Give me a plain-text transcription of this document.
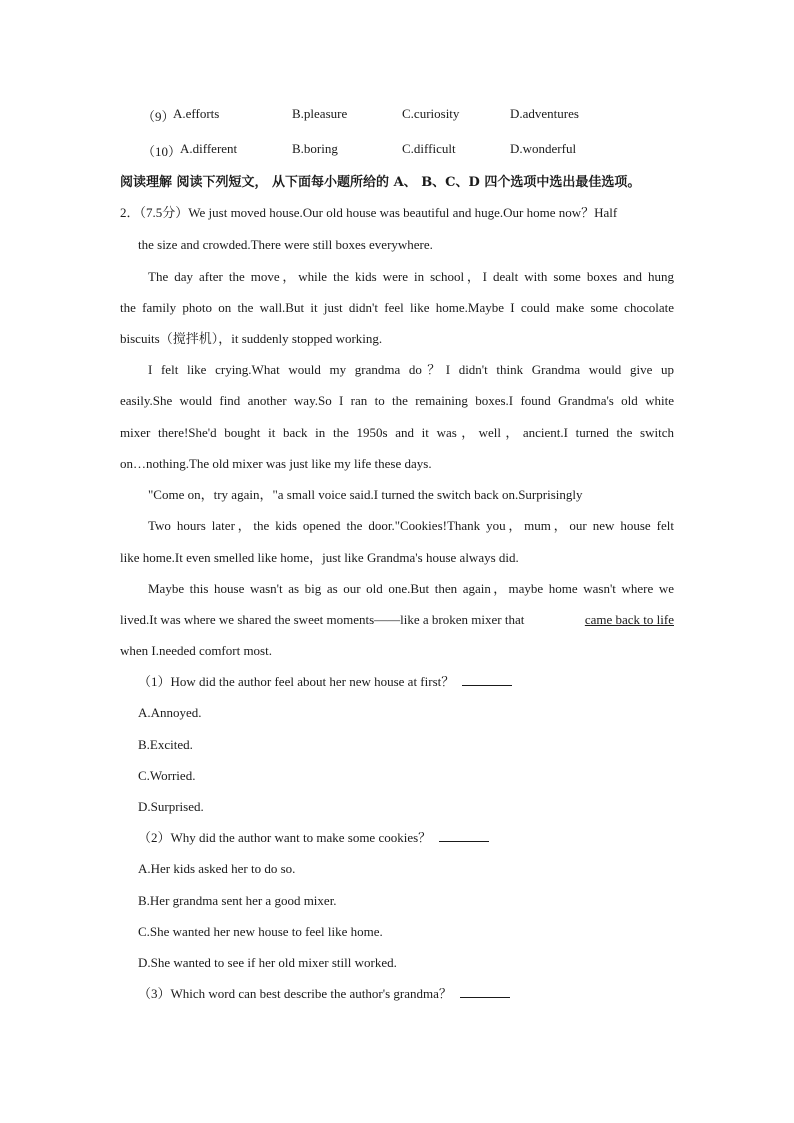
（9）
A.efforts	B.pleasure	C.curiosity	D.adventures
（10）
A.different	B.boring	C.difficult	D.wonderful
阅读理解 阅读下列短文， 从下面每小题所给的 A、 B、C、D 四个选项中选出最佳选项。
2．（7.5分）We just moved house.Our old house was beautiful and huge.Our home now？Half
the size and crowded.There were still boxes everywhere.
The day after the move，while the kids were in school，I dealt with some boxes and hung
the family photo on the wall.But it just didn't feel like home.Maybe I could make some chocolate
biscuits（搅拌机），it suddenly stopped working.
I felt like crying.What would my grandma do？I didn't think Grandma would give up
easily.She would find another way.So I ran to the remaining boxes.I found Grandma's old white
mixer there!She'd bought it back in the 1950s and it was，well，ancient.I turned the switch
on…nothing.The old mixer was just like my life these days.
"Come on，try again，"a small voice said.I turned the switch back on.Surprisingly
Two hours later，the kids opened the door."Cookies!Thank you，mum，our new house felt
like home.It even smelled like home，just like Grandma's house always did.
Maybe this house wasn't as big as our old one.But then again，maybe home wasn't where we
lived.It was where we shared the sweet moments——like a broken mixer that	came back to life
when I.needed comfort most.
（1）How did the author feel about her new house at first？
A.Annoyed.
B.Excited.
C.Worried.
D.Surprised.
（2）Why did the author want to make some cookies？
A.Her kids asked her to do so.
B.Her grandma sent her a good mixer.
C.She wanted her new house to feel like home.
D.She wanted to see if her old mixer still worked.
（3）Which word can best describe the author's grandma？
